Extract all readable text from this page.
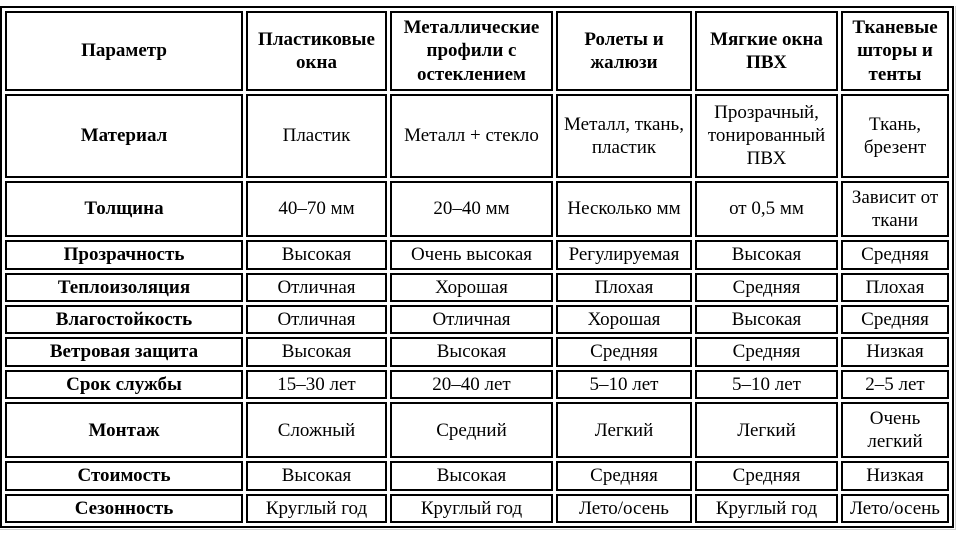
Параметр	Пластиковые окна	Металлические профили с остеклением	Ролеты и жалюзи	Мягкие окна ПВХ	Тканевые шторы и тенты
Материал	Пластик	Металл + стекло	Металл, ткань, пластик	Прозрачный, тонированный ПВХ	Ткань, брезент
Толщина	40–70 мм	20–40 мм	Несколько мм	от 0,5 мм	Зависит от ткани
Прозрачность	Высокая	Очень высокая	Регулируемая	Высокая	Средняя
Теплоизоляция	Отличная	Хорошая	Плохая	Средняя	Плохая
Влагостойкость	Отличная	Отличная	Хорошая	Высокая	Средняя
Ветровая защита	Высокая	Высокая	Средняя	Средняя	Низкая
Срок службы	15–30 лет	20–40 лет	5–10 лет	5–10 лет	2–5 лет
Монтаж	Сложный	Средний	Легкий	Легкий	Очень легкий
Стоимость	Высокая	Высокая	Средняя	Средняя	Низкая
Сезонность	Круглый год	Круглый год	Лето/осень	Круглый год	Лето/осень
